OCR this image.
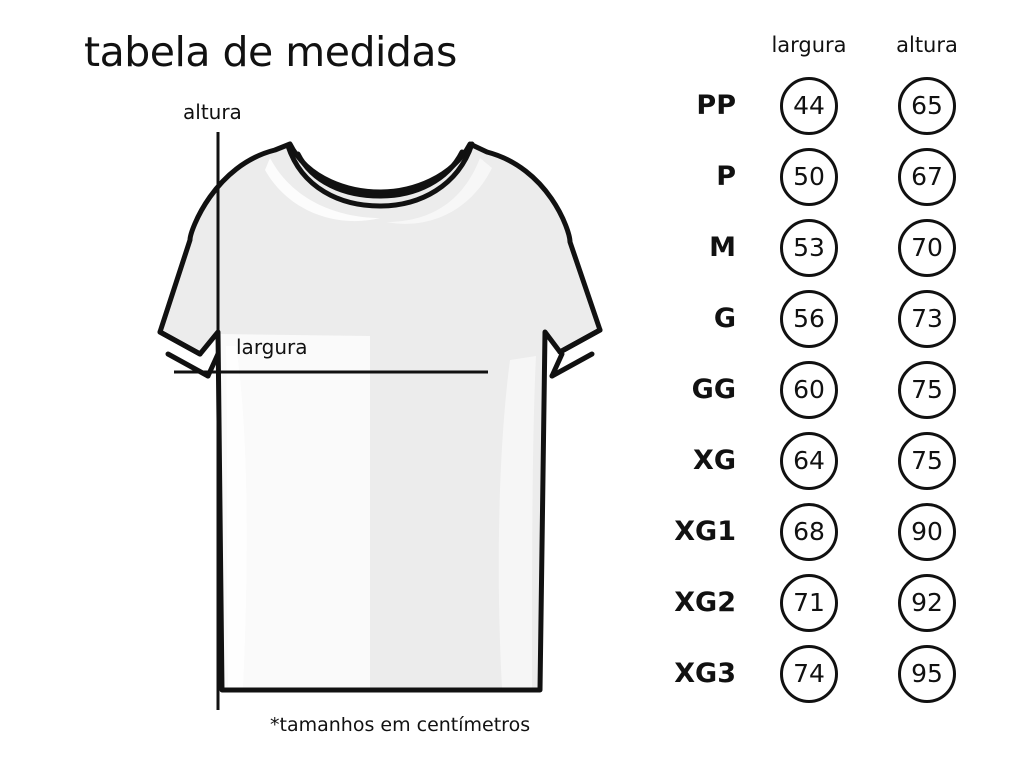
tabela de medidas
altura
largura
*tamanhos em centímetros
largura	altura
PP	44	65
P	50	67
M	53	70
G	56	73
GG	60	75
XG	64	75
XG1	68	90
XG2	71	92
XG3	74	95
